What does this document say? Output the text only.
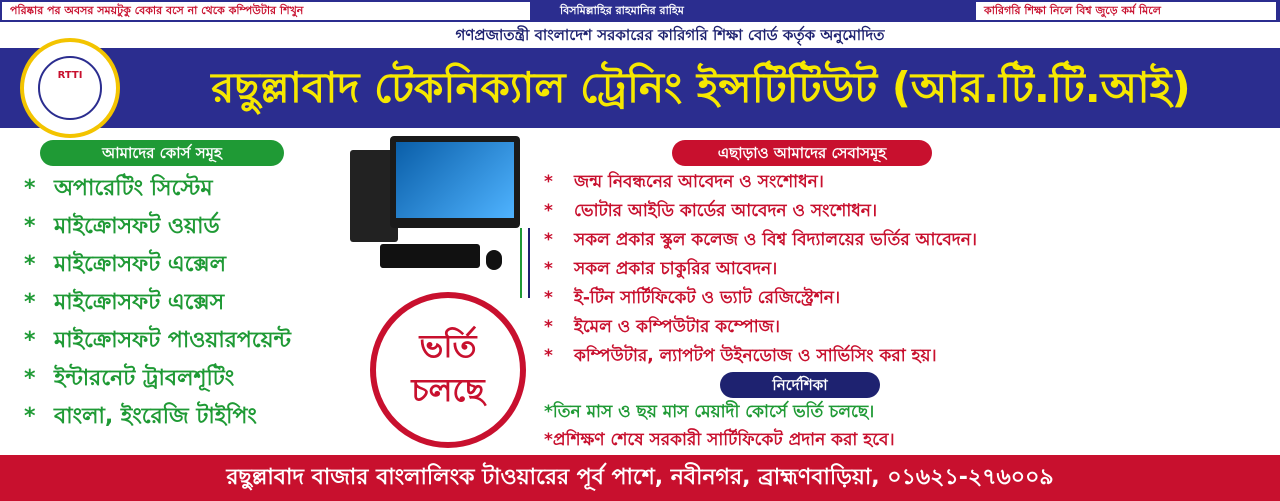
পরিষ্কার পর অবসর সময়টুকু বেকার বসে না থেকে কম্পিউটার শিখুন	বিসমিল্লাহির রাহমানির রাহিম	কারিগরি শিক্ষা নিলে বিশ্ব জুড়ে কর্ম মিলে
গণপ্রজাতন্ত্রী বাংলাদেশ সরকারের কারিগরি শিক্ষা বোর্ড কর্তৃক অনুমোদিত
রছুল্লাবাদ টেকনিক্যাল ট্রেনিং ইন্সটিটিউট (আর.টি.টি.আই)
RTTI
আমাদের কোর্স সমূহ
* অপারেটিং সিস্টেম
* মাইক্রোসফট ওয়ার্ড
* মাইক্রোসফট এক্সেল
* মাইক্রোসফট এক্সেস
* মাইক্রোসফট পাওয়ারপয়েন্ট
* ইন্টারনেট ট্রাবলশূটিং
* বাংলা, ইংরেজি টাইপিং
ভর্তি
চলছে
এছাড়াও আমাদের সেবাসমূহ
* জন্ম নিবন্ধনের আবেদন ও সংশোধন।
* ভোটার আইডি কার্ডের আবেদন ও সংশোধন।
* সকল প্রকার স্কুল কলেজ ও বিশ্ব বিদ্যালয়ের ভর্তির আবেদন।
* সকল প্রকার চাকুরির আবেদন।
* ই-টিন সার্টিফিকেট ও ভ্যাট রেজিস্ট্রেশন।
* ইমেল ও কম্পিউটার কম্পোজ।
* কম্পিউটার, ল্যাপটপ উইনডোজ ও সার্ভিসিং করা হয়।
নির্দেশিকা
*তিন মাস ও ছয় মাস মেয়াদী কোর্সে ভর্তি চলছে।
*প্রশিক্ষণ শেষে সরকারী সার্টিফিকেট প্রদান করা হবে।
রছুল্লাবাদ বাজার বাংলালিংক টাওয়ারের পূর্ব পাশে, নবীনগর, ব্রাহ্মণবাড়িয়া, ০১৬২১-২৭৬০০৯
